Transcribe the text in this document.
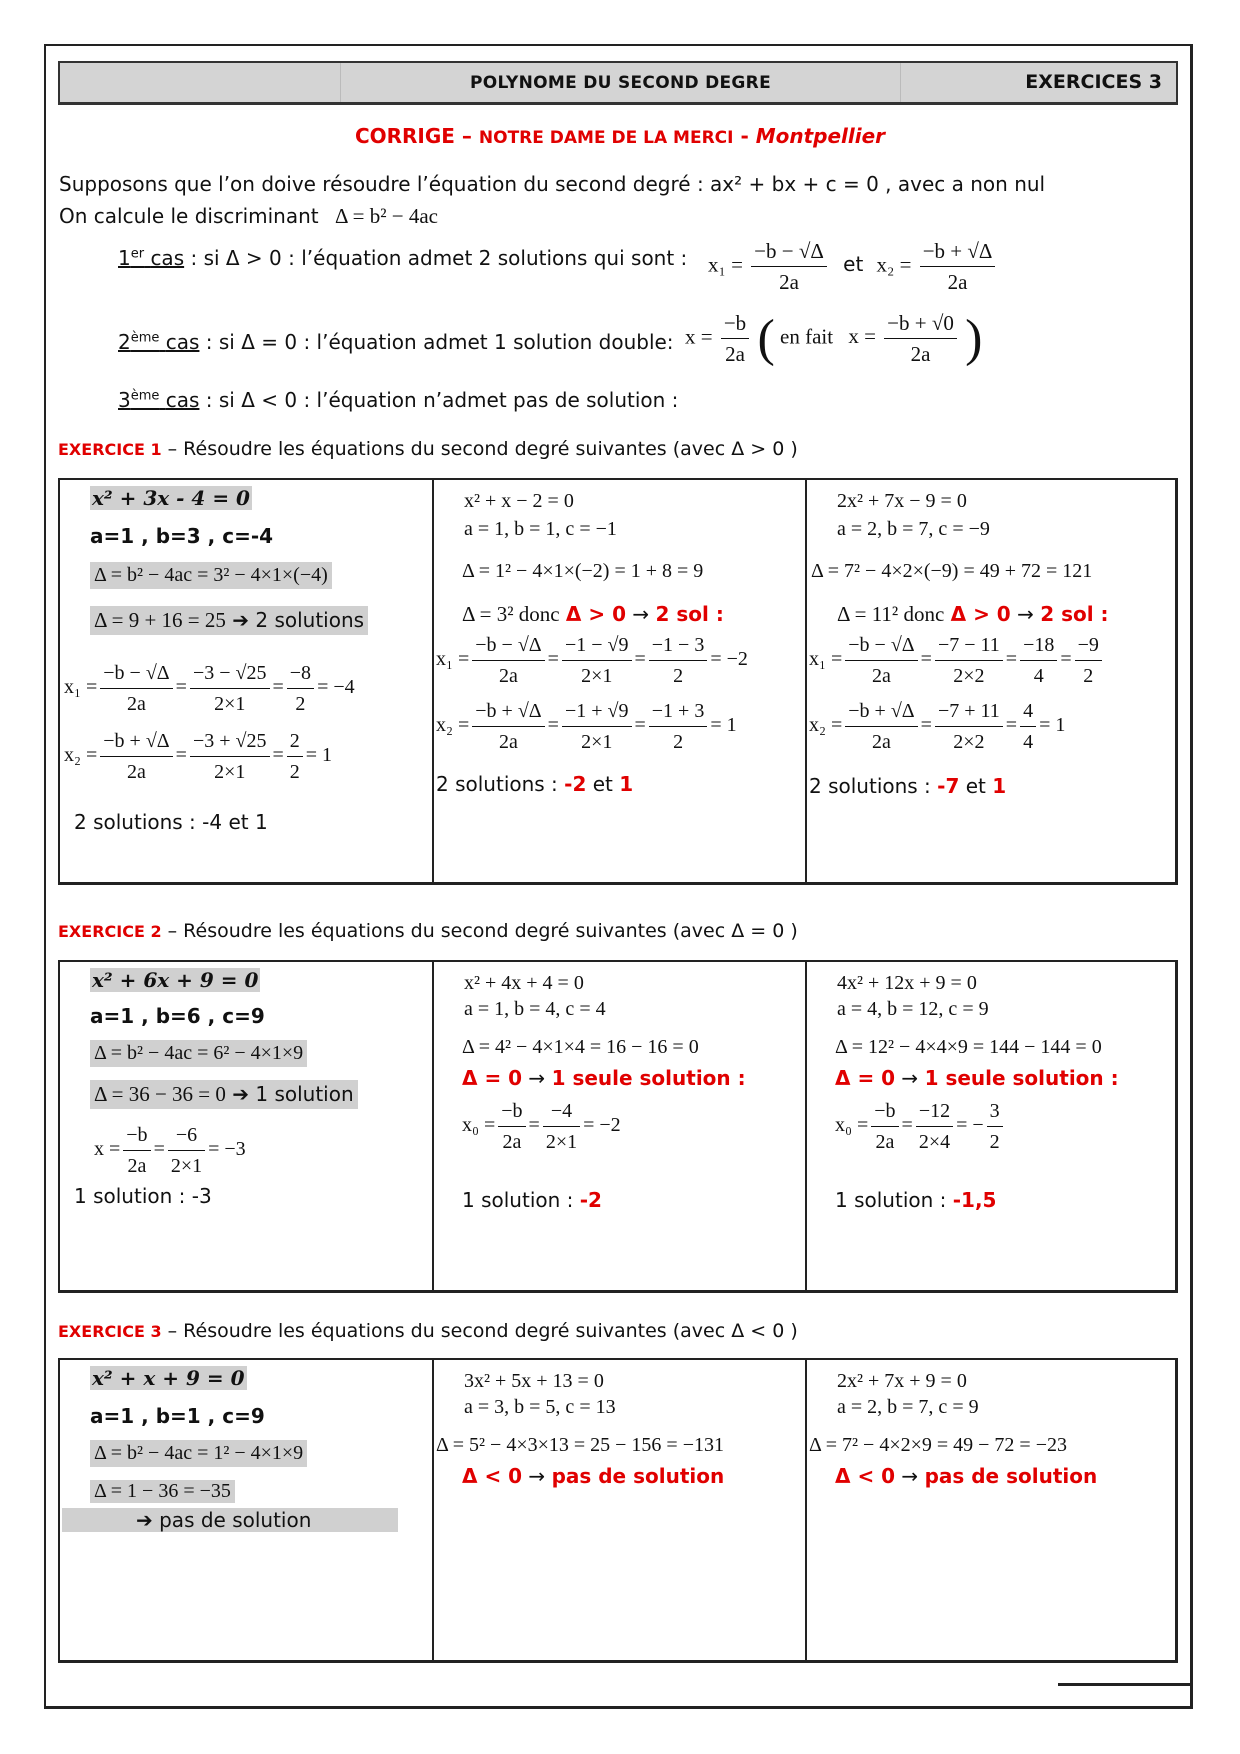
POLYNOME DU SECOND DEGRE	EXERCICES 3
CORRIGE – NOTRE DAME DE LA MERCI - Montpellier
Supposons que l’on doive résoudre l’équation du second degré : ax² + bx + c = 0 , avec a non nul
On calcule le discriminant Δ = b² − 4ac
1er cas : si Δ > 0 : l’équation admet 2 solutions qui sont : $x_1 = \frac{-b - √\Delta}{2a}$ et $x_2 = \frac{-b + √\Delta}{2a}$
2ème cas : si Δ = 0 : l’équation admet 1 solution double: $x = \frac{-b}{2a}$ ( en fait $x = \frac{-b + √0}{2a}$ )
3ème cas : si Δ < 0 : l’équation n’admet pas de solution :
EXERCICE 1 – Résoudre les équations du second degré suivantes (avec Δ > 0 )
x² + 3x - 4 = 0
a=1 , b=3 , c=-4
Δ = b² − 4ac = 3² − 4×1×(−4)
Δ = 9 + 16 = 25 ➔ 2 solutions
$x_1 = \frac{-b - √\Delta}{2a} = \frac{-3 - √25}{2\times 1} = \frac{-8}{2} = -4$
$x_2 = \frac{-b + √\Delta}{2a} = \frac{-3 + √25}{2\times 1} = \frac{2}{2} = 1$
2 solutions : -4 et 1
x² + x − 2 = 0
a = 1, b = 1, c = −1
Δ = 1² − 4×1×(−2) = 1 + 8 = 9
Δ = 3² donc Δ > 0 → 2 sol :
$x_1 = \frac{-b - √\Delta}{2a} = \frac{-1 - √9}{2\times 1} = \frac{-1 - 3}{2} = -2$
$x_2 = \frac{-b + √\Delta}{2a} = \frac{-1 + √9}{2\times 1} = \frac{-1 + 3}{2} = 1$
2 solutions : -2 et 1
2x² + 7x − 9 = 0
a = 2, b = 7, c = −9
Δ = 7² − 4×2×(−9) = 49 + 72 = 121
Δ = 11² donc Δ > 0 → 2 sol :
$x_1 = \frac{-b - √\Delta}{2a} = \frac{-7 - 11}{2\times 2} = \frac{-18}{4} = \frac{-9}{2}$
$x_2 = \frac{-b + √\Delta}{2a} = \frac{-7 + 11}{2\times 2} = \frac{4}{4} = 1$
2 solutions : -7 et 1
EXERCICE 2 – Résoudre les équations du second degré suivantes (avec Δ = 0 )
x² + 6x + 9 = 0
a=1 , b=6 , c=9
Δ = b² − 4ac = 6² − 4×1×9
Δ = 36 − 36 = 0 ➔ 1 solution
$x = \frac{-b}{2a} = \frac{-6}{2\times 1} = -3$
1 solution : -3
x² + 4x + 4 = 0
a = 1, b = 4, c = 4
Δ = 4² − 4×1×4 = 16 − 16 = 0
Δ = 0 → 1 seule solution :
$x_0 = \frac{-b}{2a} = \frac{-4}{2\times 1} = -2$
1 solution : -2
4x² + 12x + 9 = 0
a = 4, b = 12, c = 9
Δ = 12² − 4×4×9 = 144 − 144 = 0
Δ = 0 → 1 seule solution :
$x_0 = \frac{-b}{2a} = \frac{-12}{2\times 4}$ = − $\frac{3}{2}$
1 solution : -1,5
EXERCICE 3 – Résoudre les équations du second degré suivantes (avec Δ < 0 )
x² + x + 9 = 0
a=1 , b=1 , c=9
Δ = b² − 4ac = 1² − 4×1×9
Δ = 1 − 36 = −35
➔ pas de solution
3x² + 5x + 13 = 0
a = 3, b = 5, c = 13
Δ = 5² − 4×3×13 = 25 − 156 = −131
Δ < 0 → pas de solution
2x² + 7x + 9 = 0
a = 2, b = 7, c = 9
Δ = 7² − 4×2×9 = 49 − 72 = −23
Δ < 0 → pas de solution
